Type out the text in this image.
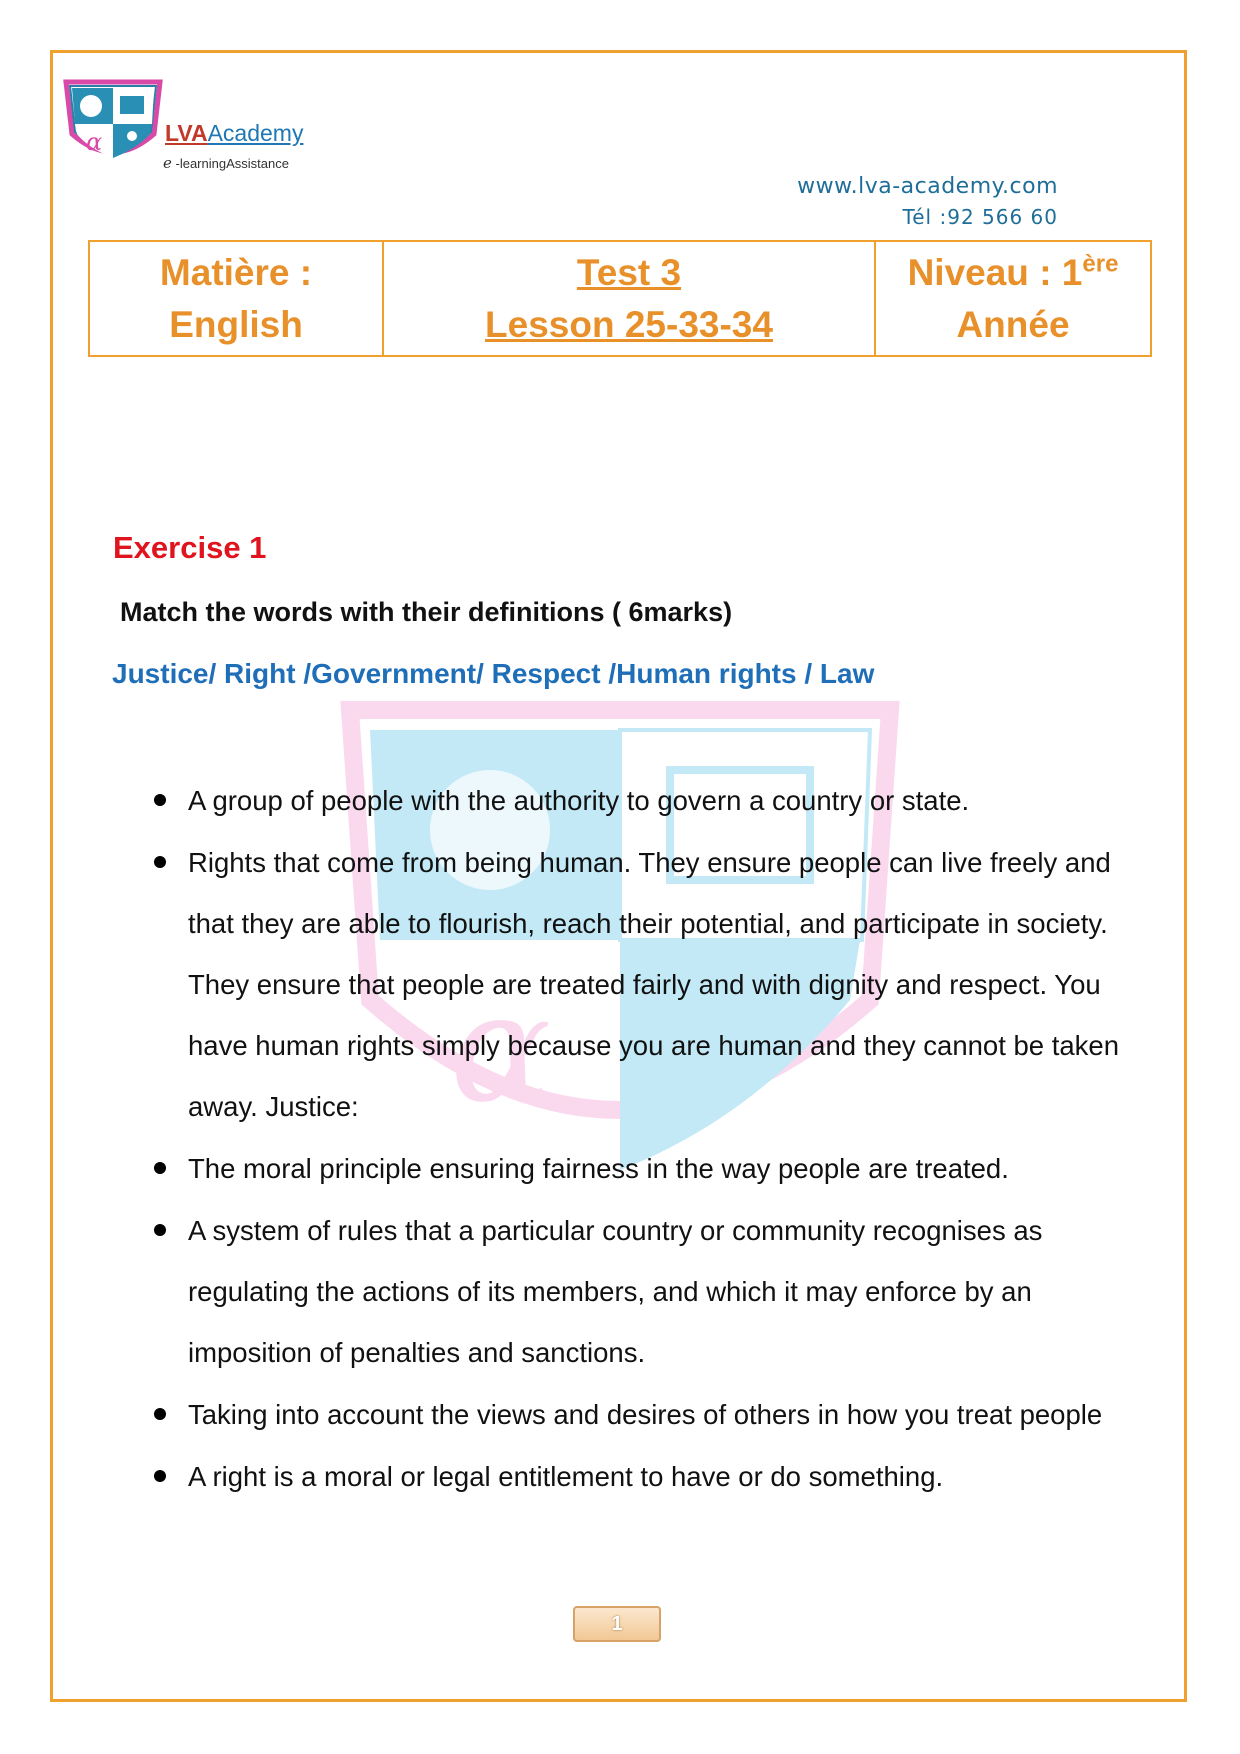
α	LVAAcademy
e -learningAssistance
www.lva-academy.com
Tél :92 566 60
Matière :
English

Test 3
Lesson 25-33-34

Niveau : 1ère
Année
α
Exercise 1
Match the words with their definitions ( 6marks)
Justice/ Right /Government/ Respect /Human rights / Law
A group of people with the authority to govern a country or state.
Rights that come from being human. They ensure people can live freely and that they are able to flourish, reach their potential, and participate in society. They ensure that people are treated fairly and with dignity and respect. You have human rights simply because you are human and they cannot be taken away. Justice:
The moral principle ensuring fairness in the way people are treated.
A system of rules that a particular country or community recognises as regulating the actions of its members, and which it may enforce by an imposition of penalties and sanctions.
Taking into account the views and desires of others in how you treat people
A right is a moral or legal entitlement to have or do something.
1
